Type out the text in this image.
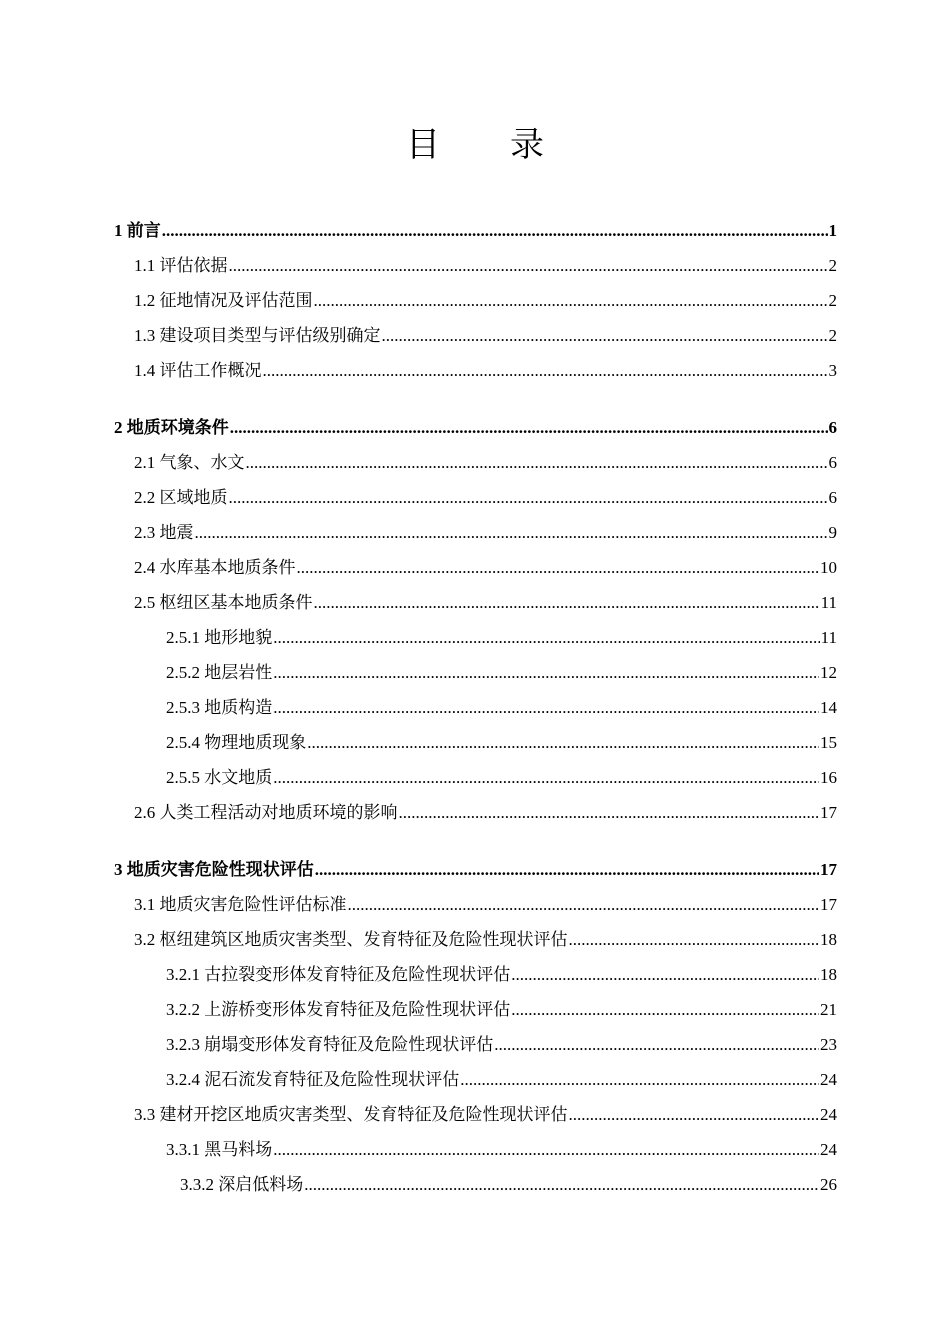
目 录
1 前言 .....	1
1.1 评估依据 .....	2
1.2 征地情况及评估范围 .....	2
1.3 建设项目类型与评估级别确定 .....	2
1.4 评估工作概况 .....	3
2 地质环境条件 .....	6
2.1 气象、水文 .....	6
2.2 区域地质 .....	6
2.3 地震 .....	9
2.4 水库基本地质条件 .....	10
2.5 枢纽区基本地质条件 .....	11
2.5.1 地形地貌 .....	11
2.5.2 地层岩性 .....	12
2.5.3 地质构造 .....	14
2.5.4 物理地质现象 .....	15
2.5.5 水文地质 .....	16
2.6 人类工程活动对地质环境的影响 .....	17
3 地质灾害危险性现状评估 .....	17
3.1 地质灾害危险性评估标准 .....	17
3.2 枢纽建筑区地质灾害类型、发育特征及危险性现状评估 .....	18
3.2.1 古拉裂变形体发育特征及危险性现状评估 .....	18
3.2.2 上游桥变形体发育特征及危险性现状评估 .....	21
3.2.3 崩塌变形体发育特征及危险性现状评估 .....	23
3.2.4 泥石流发育特征及危险性现状评估 .....	24
3.3 建材开挖区地质灾害类型、发育特征及危险性现状评估 .....	24
3.3.1 黑马料场 .....	24
3.3.2 深启低料场 .....	26
